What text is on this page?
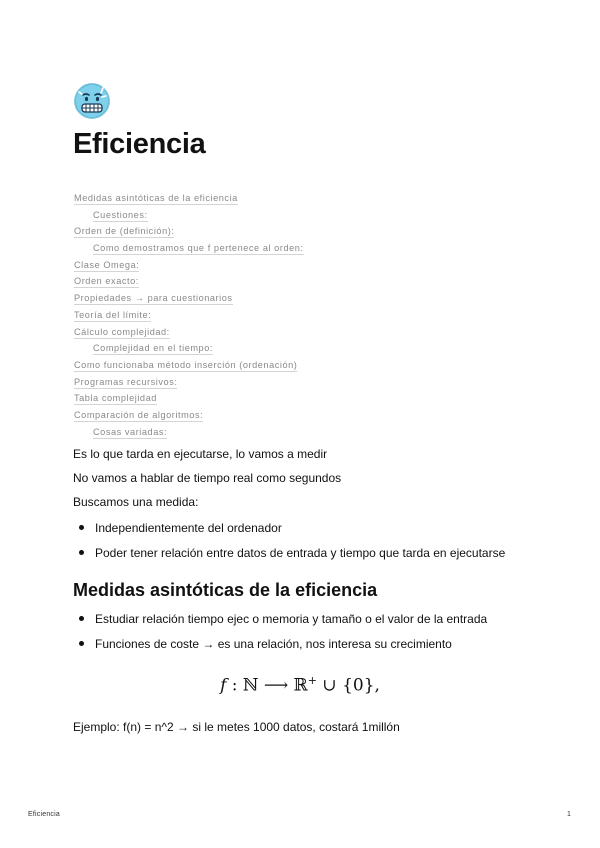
Eficiencia
Medidas asintóticas de la eficiencia
Cuestiones:
Orden de (definición):
Como demostramos que f pertenece al orden:
Clase Omega:
Orden exacto:
Propiedades → para cuestionarios
Teoría del límite:
Cálculo complejidad:
Complejidad en el tiempo:
Como funcionaba método inserción (ordenación)
Programas recursivos:
Tabla complejidad
Comparación de algoritmos:
Cosas variadas:

Es lo que tarda en ejecutarse, lo vamos a medir

No vamos a hablar de tiempo real como segundos

Buscamos una medida:

Independientemente del ordenador

Poder tener relación entre datos de entrada y tiempo que tarda en ejecutarse

Medidas asintóticas de la eficiencia

Estudiar relación tiempo ejec o memoria y tamaño o el valor de la entrada

Funciones de coste → es una relación, nos interesa su crecimiento

f : ℕ ⟶ ℝ+ ∪ {0},

Ejemplo: f(n) = n^2 → si le metes 1000 datos, costará 1millón

Eficiencia	1
